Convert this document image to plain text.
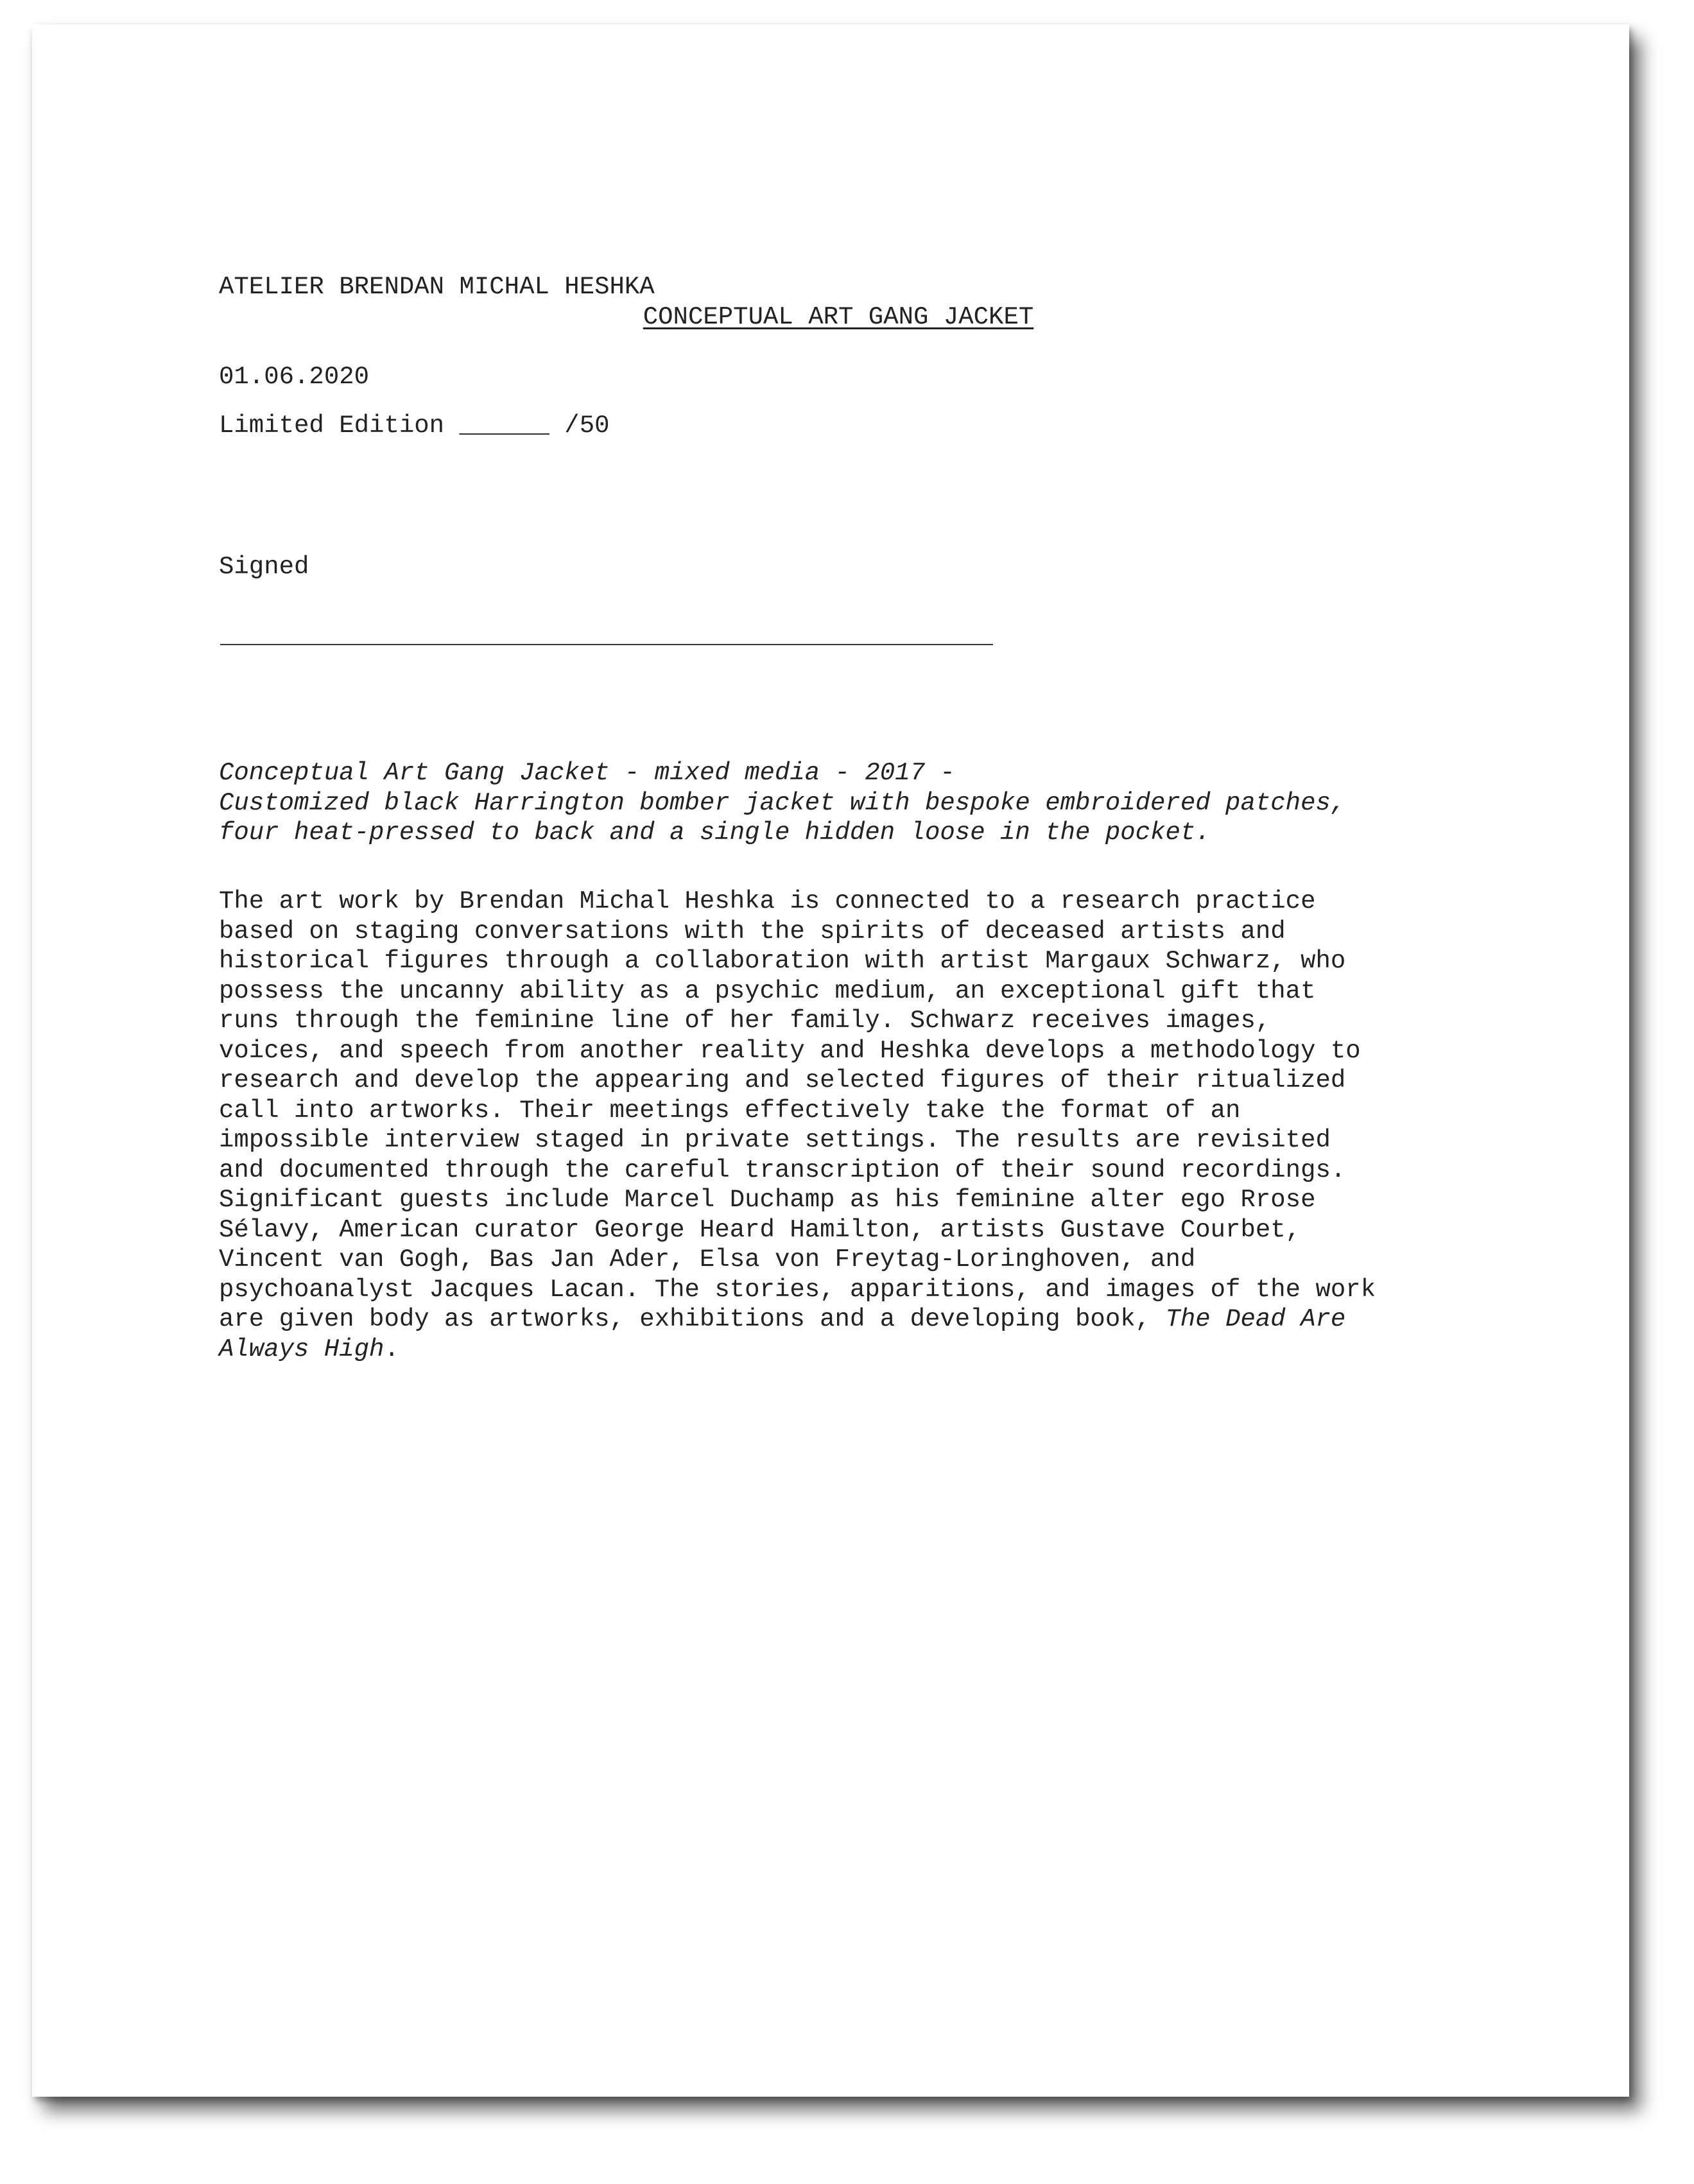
ATELIER BRENDAN MICHAL HESHKA

01.06.2020

CONCEPTUAL ART GANG JACKET
Limited Edition ______ /50
Signed
Conceptual Art Gang Jacket - mixed media - 2017 -
Customized black Harrington bomber jacket with bespoke embroidered patches,
four heat-pressed to back and a single hidden loose in the pocket.
The art work by Brendan Michal Heshka is connected to a research practice
based on staging conversations with the spirits of deceased artists and
historical figures through a collaboration with artist Margaux Schwarz, who
possess the uncanny ability as a psychic medium, an exceptional gift that
runs through the feminine line of her family. Schwarz receives images,
voices, and speech from another reality and Heshka develops a methodology to
research and develop the appearing and selected figures of their ritualized
call into artworks. Their meetings effectively take the format of an
impossible interview staged in private settings. The results are revisited
and documented through the careful transcription of their sound recordings.
Significant guests include Marcel Duchamp as his feminine alter ego Rrose
Sélavy, American curator George Heard Hamilton, artists Gustave Courbet,
Vincent van Gogh, Bas Jan Ader, Elsa von Freytag-Loringhoven, and
psychoanalyst Jacques Lacan. The stories, apparitions, and images of the work
are given body as artworks, exhibitions and a developing book, The Dead Are
Always High.
